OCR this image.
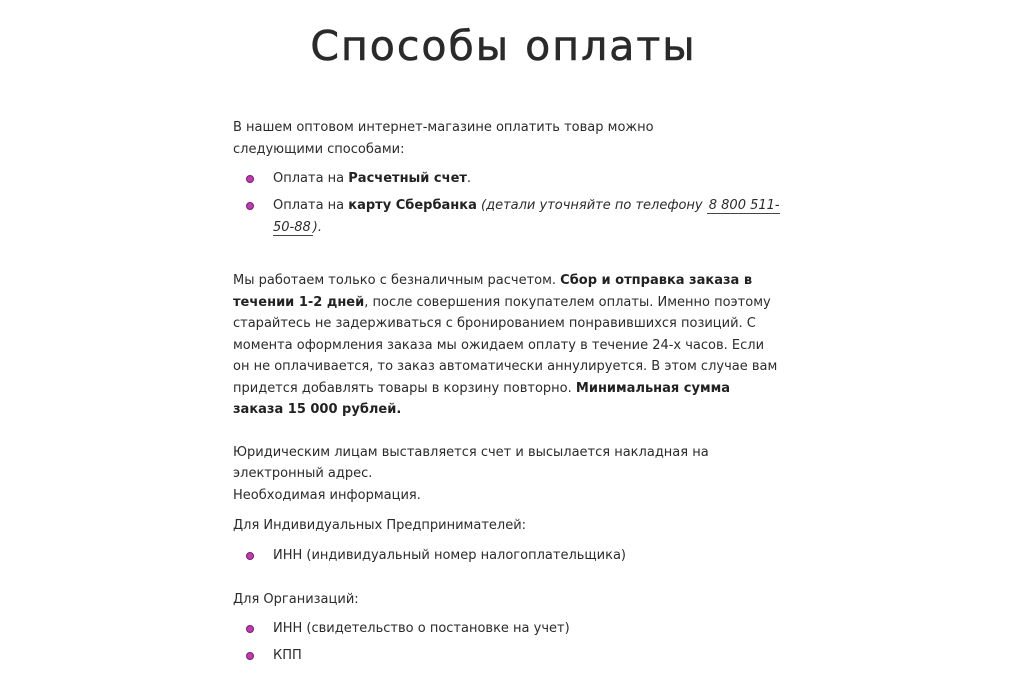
Способы оплаты

В нашем оптовом интернет-магазине оплатить товар можно следующими способами:

Оплата на Расчетный счет.
Оплата на карту Сбербанка (детали уточняйте по телефону 8 800 511-50-88 ).

Мы работаем только с безналичным расчетом. Сбор и отправка заказа в течении 1-2 дней, после совершения покупателем оплаты. Именно поэтому старайтесь не задерживаться с бронированием понравившихся позиций. С момента оформления заказа мы ожидаем оплату в течение 24-х часов. Если он не оплачивается, то заказ автоматически аннулируется. В этом случае вам придется добавлять товары в корзину повторно. Минимальная сумма заказа 15 000 рублей.

Юридическим лицам выставляется счет и высылается накладная на электронный адрес.

Необходимая информация.

Для Индивидуальных Предпринимателей:

ИНН (индивидуальный номер налогоплательщика)

Для Организаций:

ИНН (свидетельство о постановке на учет)
КПП
